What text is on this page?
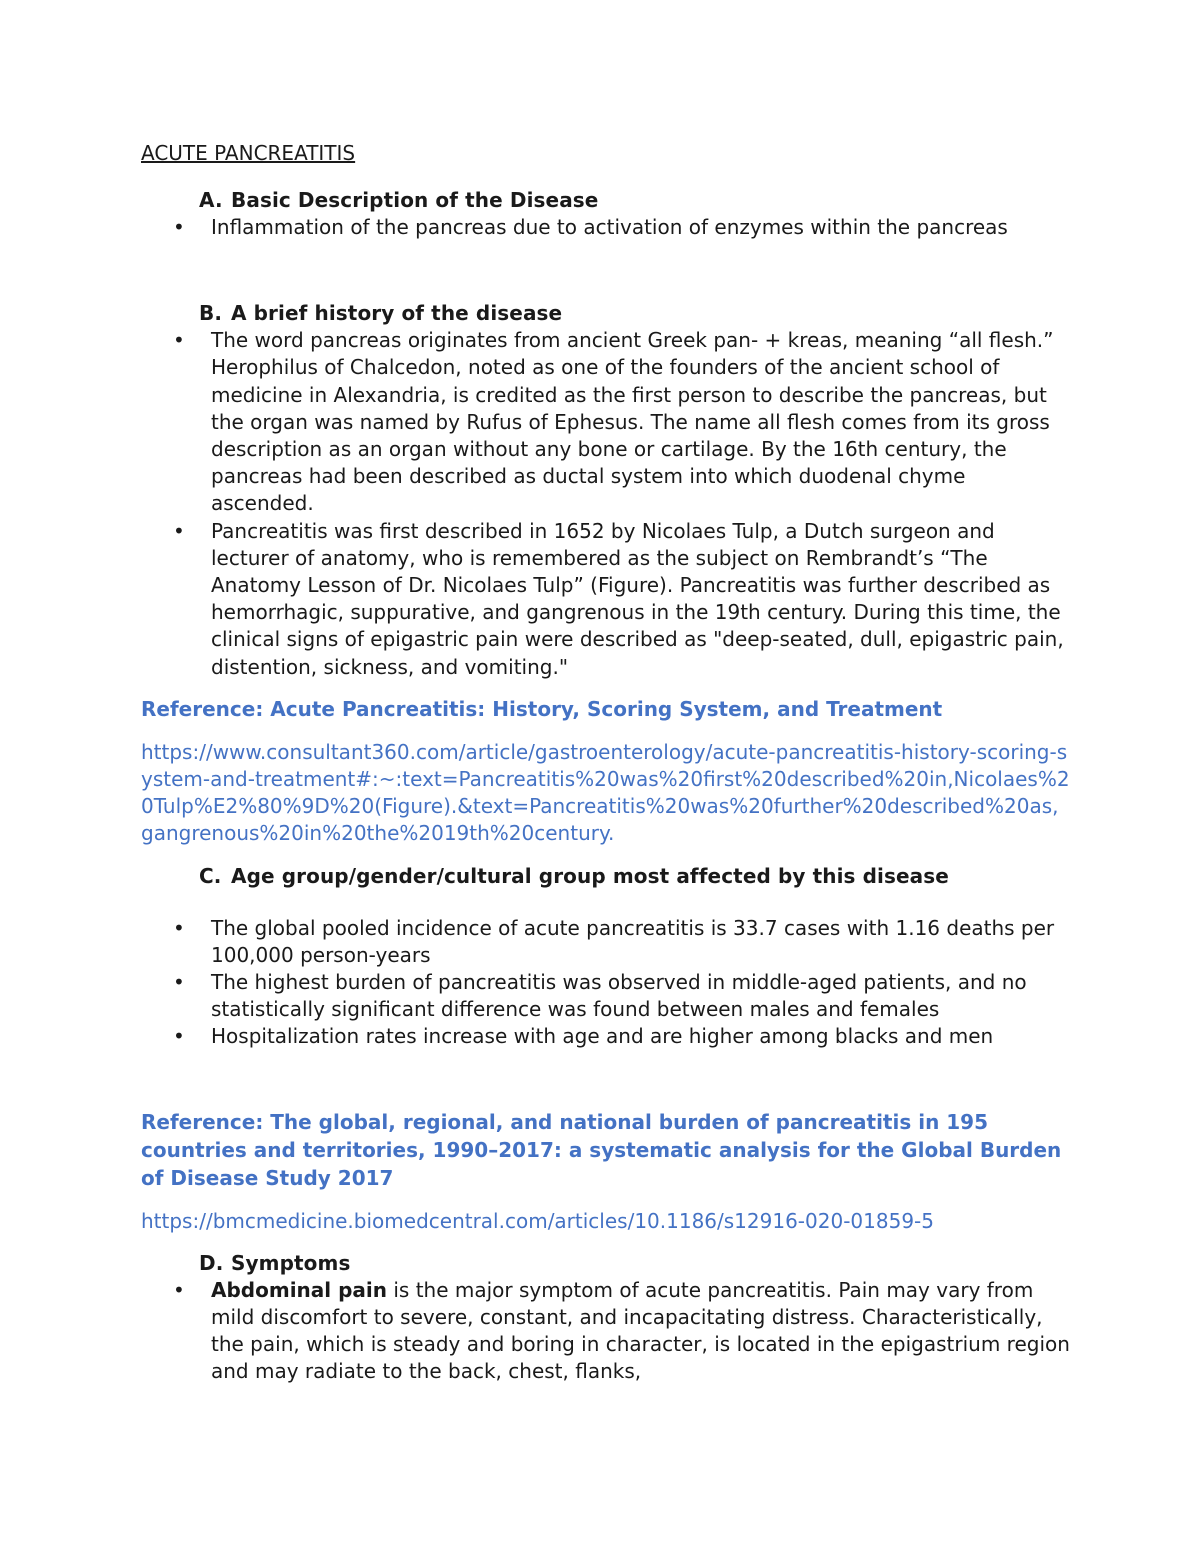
ACUTE PANCREATITIS
A. Basic Description of the Disease
• Inflammation of the pancreas due to activation of enzymes within the pancreas
B. A brief history of the disease
• The word pancreas originates from ancient Greek pan- + kreas, meaning “all flesh.” Herophilus of Chalcedon, noted as one of the founders of the ancient school of medicine in Alexandria, is credited as the first person to describe the pancreas, but the organ was named by Rufus of Ephesus. The name all flesh comes from its gross description as an organ without any bone or cartilage. By the 16th century, the pancreas had been described as ductal system into which duodenal chyme ascended.
• Pancreatitis was first described in 1652 by Nicolaes Tulp, a Dutch surgeon and lecturer of anatomy, who is remembered as the subject on Rembrandt’s “The Anatomy Lesson of Dr. Nicolaes Tulp” (Figure). Pancreatitis was further described as hemorrhagic, suppurative, and gangrenous in the 19th century. During this time, the clinical signs of epigastric pain were described as "deep-seated, dull, epigastric pain, distention, sickness, and vomiting."

Reference: Acute Pancreatitis: History, Scoring System, and Treatment

https://www.consultant360.com/article/gastroenterology/acute-pancreatitis-history-scoring-system-and-treatment#:~:text=Pancreatitis%20was%20first%20described%20in,Nicolaes%20Tulp%E2%80%9D%20(Figure).&text=Pancreatitis%20was%20further%20described%20as,gangrenous%20in%20the%2019th%20century.

C. Age group/gender/cultural group most affected by this disease
• The global pooled incidence of acute pancreatitis is 33.7 cases with 1.16 deaths per 100,000 person-years
• The highest burden of pancreatitis was observed in middle-aged patients, and no statistically significant difference was found between males and females
• Hospitalization rates increase with age and are higher among blacks and men

Reference: The global, regional, and national burden of pancreatitis in 195 countries and territories, 1990–2017: a systematic analysis for the Global Burden of Disease Study 2017

https://bmcmedicine.biomedcentral.com/articles/10.1186/s12916-020-01859-5

D. Symptoms
• Abdominal pain is the major symptom of acute pancreatitis. Pain may vary from mild discomfort to severe, constant, and incapacitating distress. Characteristically, the pain, which is steady and boring in character, is located in the epigastrium region and may radiate to the back, chest, flanks,
